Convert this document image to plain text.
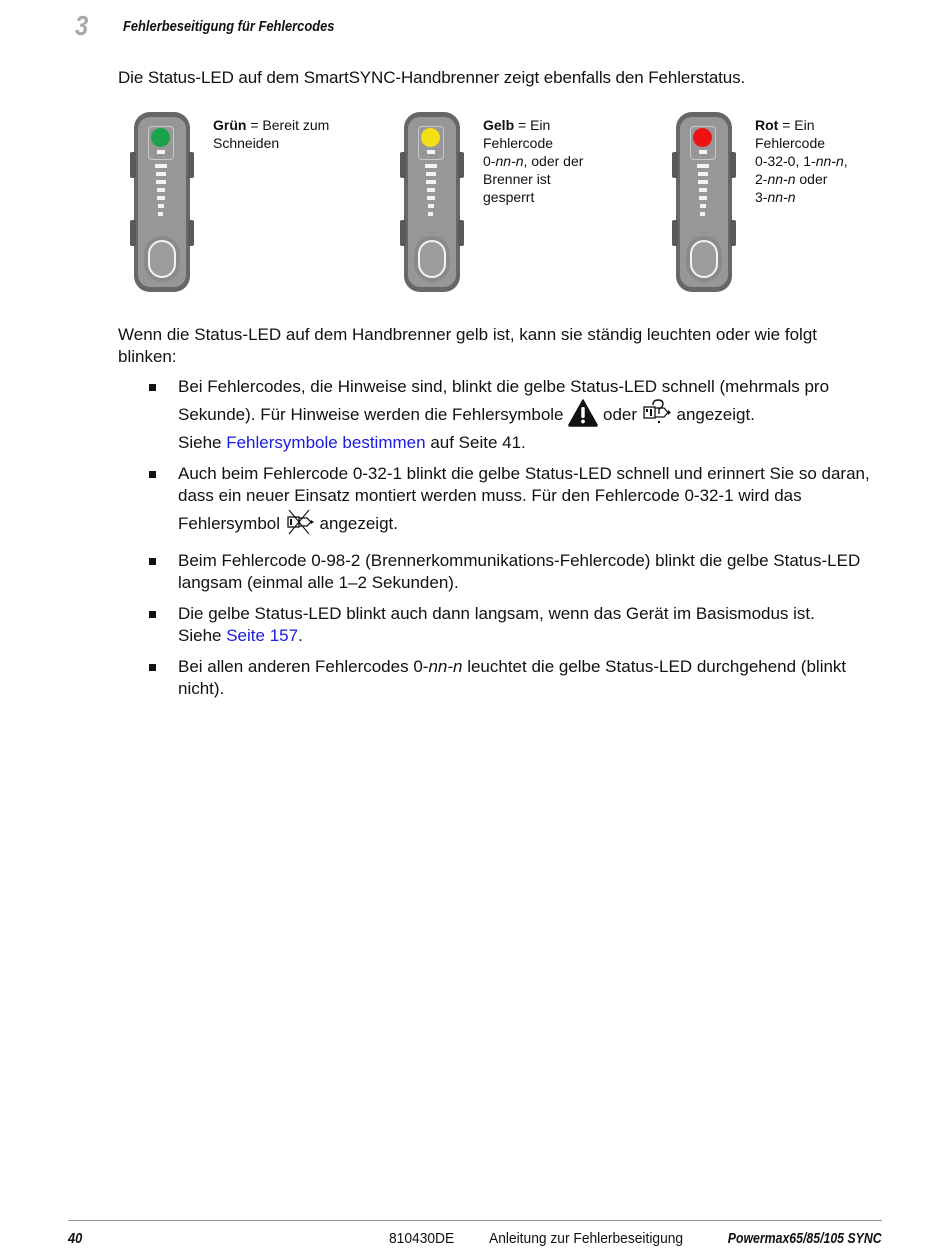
3 Fehlerbeseitigung für Fehlercodes
Die Status-LED auf dem SmartSYNC-Handbrenner zeigt ebenfalls den Fehlerstatus.
Grün = Bereit zum
Schneiden
Gelb = Ein
Fehlercode
0-nn-n, oder der
Brenner ist
gesperrt
Rot = Ein
Fehlercode
0-32-0, 1-nn-n,
2-nn-n oder
3-nn-n
Wenn die Status-LED auf dem Handbrenner gelb ist, kann sie ständig leuchten oder wie folgt blinken:
Bei Fehlercodes, die Hinweise sind, blinkt die gelbe Status-LED schnell (mehrmals pro
Sekunde). Für Hinweise werden die Fehlersymbole oder angezeigt.
Siehe Fehlersymbole bestimmen auf Seite 41.
Auch beim Fehlercode 0-32-1 blinkt die gelbe Status-LED schnell und erinnert Sie so daran, dass ein neuer Einsatz montiert werden muss. Für den Fehlercode 0-32-1 wird das
Fehlersymbol angezeigt.
Beim Fehlercode 0-98-2 (Brennerkommunikations-Fehlercode) blinkt die gelbe Status-LED langsam (einmal alle 1–2 Sekunden).
Die gelbe Status-LED blinkt auch dann langsam, wenn das Gerät im Basismodus ist.
Siehe Seite 157.
Bei allen anderen Fehlercodes 0-nn-n leuchtet die gelbe Status-LED durchgehend (blinkt nicht).
40	810430DE Anleitung zur Fehlerbeseitigung	Powermax65/85/105 SYNC
